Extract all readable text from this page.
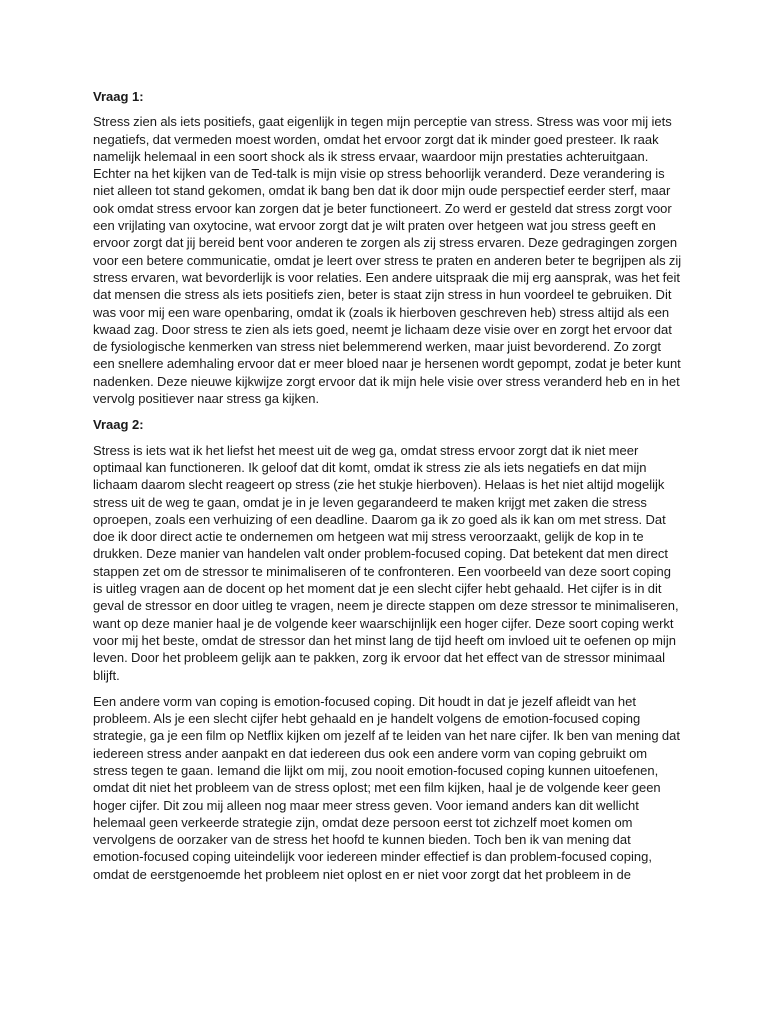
Vraag 1:

Stress zien als iets positiefs, gaat eigenlijk in tegen mijn perceptie van stress. Stress was voor mij iets negatiefs, dat vermeden moest worden, omdat het ervoor zorgt dat ik minder goed presteer. Ik raak namelijk helemaal in een soort shock als ik stress ervaar, waardoor mijn prestaties achteruitgaan. Echter na het kijken van de Ted-talk is mijn visie op stress behoorlijk veranderd. Deze verandering is niet alleen tot stand gekomen, omdat ik bang ben dat ik door mijn oude perspectief eerder sterf, maar ook omdat stress ervoor kan zorgen dat je beter functioneert. Zo werd er gesteld dat stress zorgt voor een vrijlating van oxytocine, wat ervoor zorgt dat je wilt praten over hetgeen wat jou stress geeft en ervoor zorgt dat jij bereid bent voor anderen te zorgen als zij stress ervaren. Deze gedragingen zorgen voor een betere communicatie, omdat je leert over stress te praten en anderen beter te begrijpen als zij stress ervaren, wat bevorderlijk is voor relaties. Een andere uitspraak die mij erg aansprak, was het feit dat mensen die stress als iets positiefs zien, beter is staat zijn stress in hun voordeel te gebruiken. Dit was voor mij een ware openbaring, omdat ik (zoals ik hierboven geschreven heb) stress altijd als een kwaad zag. Door stress te zien als iets goed, neemt je lichaam deze visie over en zorgt het ervoor dat de fysiologische kenmerken van stress niet belemmerend werken, maar juist bevorderend. Zo zorgt een snellere ademhaling ervoor dat er meer bloed naar je hersenen wordt gepompt, zodat je beter kunt nadenken. Deze nieuwe kijkwijze zorgt ervoor dat ik mijn hele visie over stress veranderd heb en in het vervolg positiever naar stress ga kijken.

Vraag 2:

Stress is iets wat ik het liefst het meest uit de weg ga, omdat stress ervoor zorgt dat ik niet meer optimaal kan functioneren. Ik geloof dat dit komt, omdat ik stress zie als iets negatiefs en dat mijn lichaam daarom slecht reageert op stress (zie het stukje hierboven). Helaas is het niet altijd mogelijk stress uit de weg te gaan, omdat je in je leven gegarandeerd te maken krijgt met zaken die stress oproepen, zoals een verhuizing of een deadline. Daarom ga ik zo goed als ik kan om met stress. Dat doe ik door direct actie te ondernemen om hetgeen wat mij stress veroorzaakt, gelijk de kop in te drukken. Deze manier van handelen valt onder problem-focused coping. Dat betekent dat men direct stappen zet om de stressor te minimaliseren of te confronteren. Een voorbeeld van deze soort coping is uitleg vragen aan de docent op het moment dat je een slecht cijfer hebt gehaald. Het cijfer is in dit geval de stressor en door uitleg te vragen, neem je directe stappen om deze stressor te minimaliseren, want op deze manier haal je de volgende keer waarschijnlijk een hoger cijfer. Deze soort coping werkt voor mij het beste, omdat de stressor dan het minst lang de tijd heeft om invloed uit te oefenen op mijn leven. Door het probleem gelijk aan te pakken, zorg ik ervoor dat het effect van de stressor minimaal blijft.

Een andere vorm van coping is emotion-focused coping. Dit houdt in dat je jezelf afleidt van het probleem. Als je een slecht cijfer hebt gehaald en je handelt volgens de emotion-focused coping strategie, ga je een film op Netflix kijken om jezelf af te leiden van het nare cijfer. Ik ben van mening dat iedereen stress ander aanpakt en dat iedereen dus ook een andere vorm van coping gebruikt om stress tegen te gaan. Iemand die lijkt om mij, zou nooit emotion-focused coping kunnen uitoefenen, omdat dit niet het probleem van de stress oplost; met een film kijken, haal je de volgende keer geen hoger cijfer. Dit zou mij alleen nog maar meer stress geven. Voor iemand anders kan dit wellicht helemaal geen verkeerde strategie zijn, omdat deze persoon eerst tot zichzelf moet komen om vervolgens de oorzaker van de stress het hoofd te kunnen bieden. Toch ben ik van mening dat emotion-focused coping uiteindelijk voor iedereen minder effectief is dan problem-focused coping, omdat de eerstgenoemde het probleem niet oplost en er niet voor zorgt dat het probleem in de
